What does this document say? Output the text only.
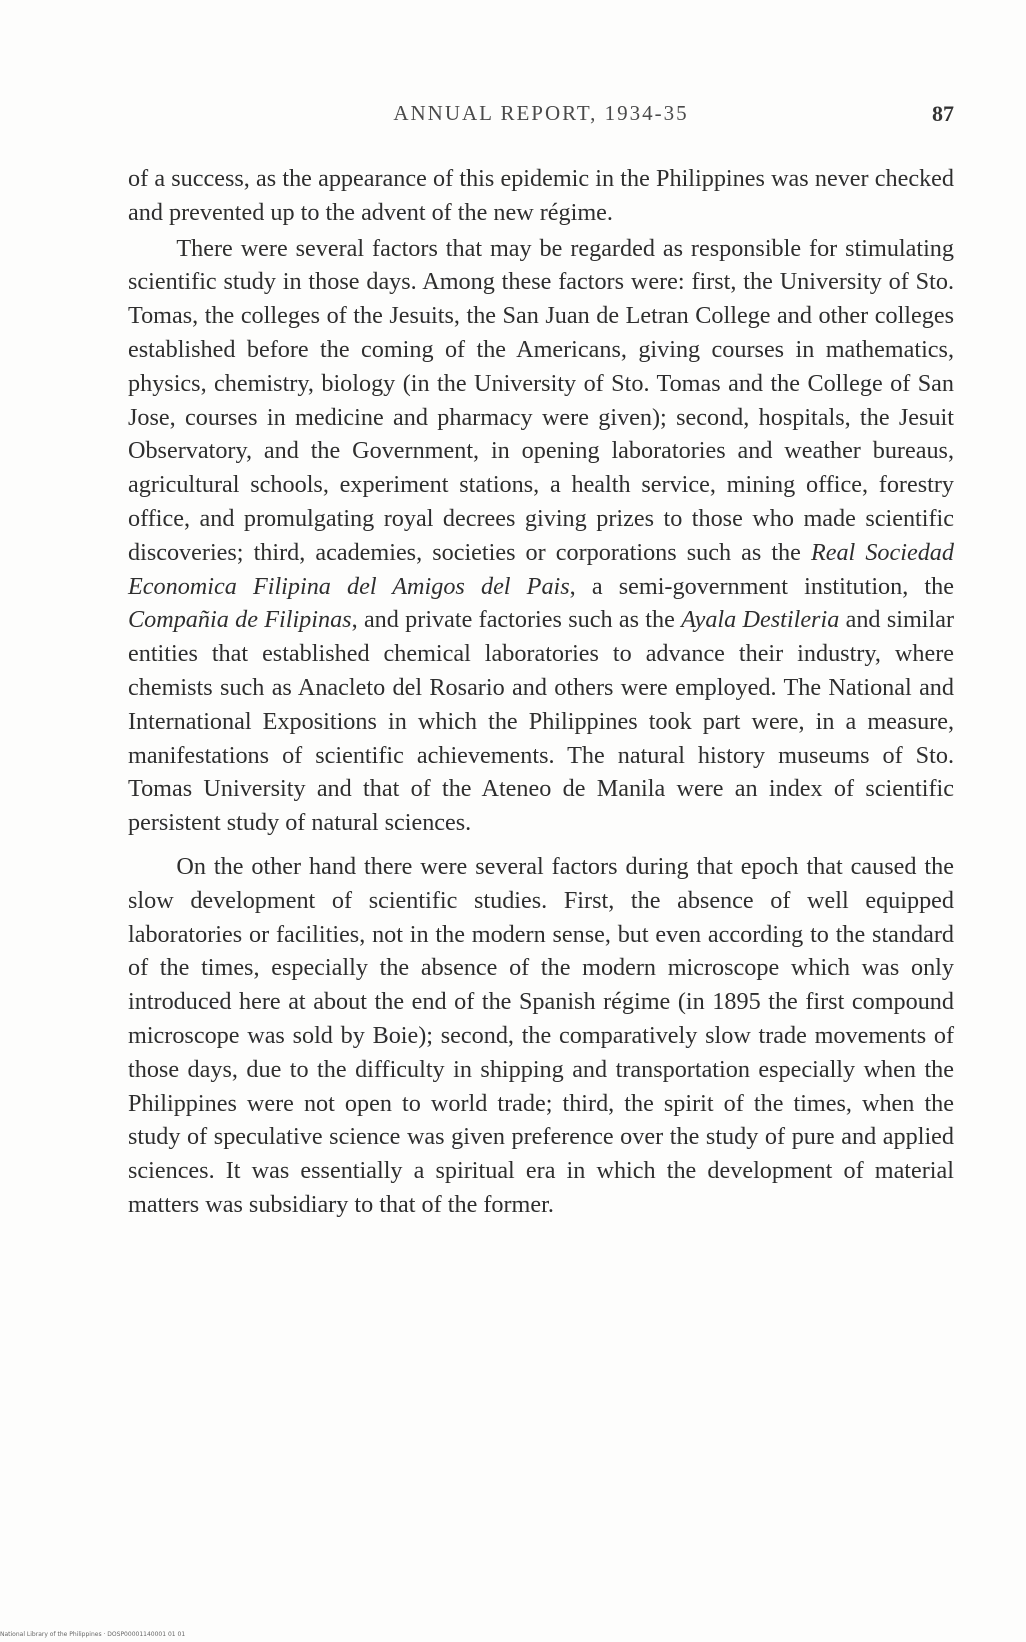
ANNUAL REPORT, 1934-35	87

of a success, as the appearance of this epidemic in the Philippines was never checked and prevented up to the advent of the new régime.

There were several factors that may be regarded as responsible for stimulating scientific study in those days. Among these factors were: first, the University of Sto. Tomas, the colleges of the Jesuits, the San Juan de Letran College and other colleges established before the coming of the Americans, giving courses in mathematics, physics, chemistry, biology (in the University of Sto. Tomas and the College of San Jose, courses in medicine and pharmacy were given); second, hospitals, the Jesuit Observatory, and the Government, in opening laboratories and weather bureaus, agricultural schools, experiment stations, a health service, mining office, forestry office, and promulgating royal decrees giving prizes to those who made scientific discoveries; third, academies, societies or corporations such as the Real Sociedad Economica Filipina del Amigos del Pais, a semi-government institution, the Compañia de Filipinas, and private factories such as the Ayala Destileria and similar entities that established chemical laboratories to advance their industry, where chemists such as Anacleto del Rosario and others were employed. The National and International Expositions in which the Philippines took part were, in a measure, manifestations of scientific achievements. The natural history museums of Sto. Tomas University and that of the Ateneo de Manila were an index of scientific persistent study of natural sciences.

On the other hand there were several factors during that epoch that caused the slow development of scientific studies. First, the absence of well equipped laboratories or facilities, not in the modern sense, but even according to the standard of the times, especially the absence of the modern microscope which was only introduced here at about the end of the Spanish régime (in 1895 the first compound microscope was sold by Boie); second, the comparatively slow trade movements of those days, due to the difficulty in shipping and transportation especially when the Philippines were not open to world trade; third, the spirit of the times, when the study of speculative science was given preference over the study of pure and applied sciences. It was essentially a spiritual era in which the development of material matters was subsidiary to that of the former.

National Library of the Philippines · DOSP00001140001 01 01
